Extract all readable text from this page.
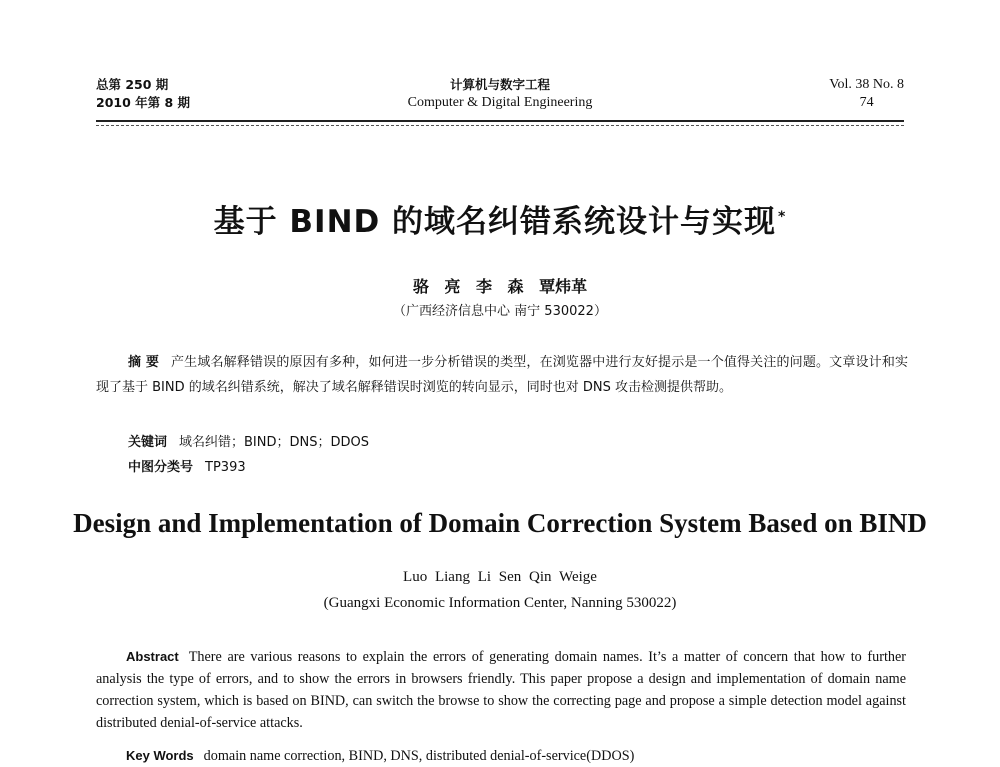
总第 250 期
2010 年第 8 期
计算机与数字工程
Computer & Digital Engineering
Vol. 38 No. 8
74
基于 BIND 的域名纠错系统设计与实现 *
骆 亮 李 森 覃炜革
（广西经济信息中心 南宁 530022）
摘 要 产生域名解释错误的原因有多种，如何进一步分析错误的类型，在浏览器中进行友好提示是一个值得关注的问题。文章设计和实现了基于 BIND 的域名纠错系统，解决了域名解释错误时浏览的转向显示，同时也对 DNS 攻击检测提供帮助。
关键词 域名纠错；BIND；DNS；DDOS
中图分类号 TP393
Design and Implementation of Domain Correction System Based on BIND
Luo Liang Li Sen Qin Weige
(Guangxi Economic Information Center, Nanning 530022)
Abstract There are various reasons to explain the errors of generating domain names. It’s a matter of concern that how to further analysis the type of errors, and to show the errors in browsers friendly. This paper propose a design and implementation of domain name correction system, which is based on BIND, can switch the browse to show the correcting page and propose a simple detection model against distributed denial-of-service attacks.
Key Words domain name correction, BIND, DNS, distributed denial-of-service(DDOS)
